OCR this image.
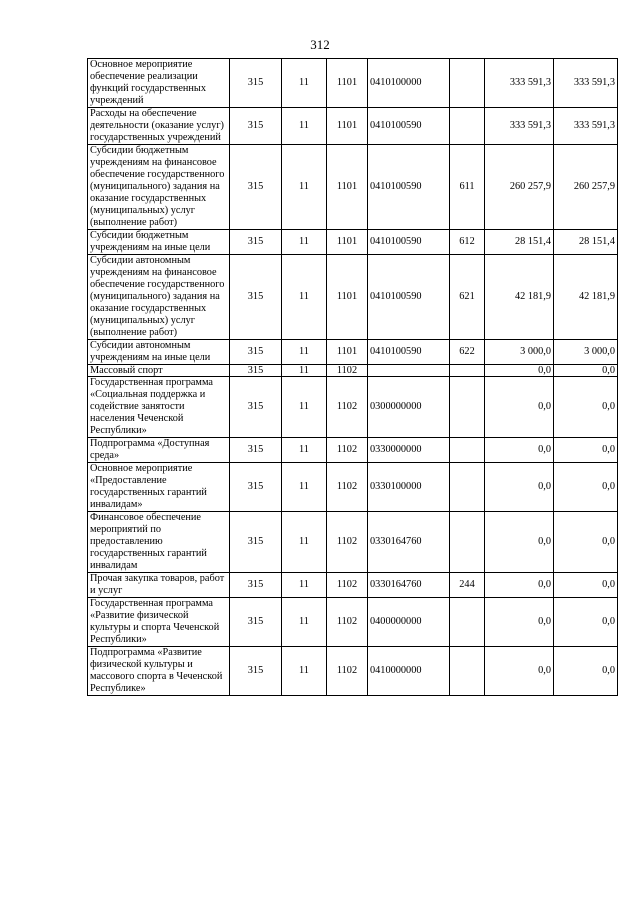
312
Основное мероприятие обеспечение реализации функций государственных учреждений	315	11	1101	0410100000		333 591,3	333 591,3
Расходы на обеспечение деятельности (оказание услуг) государственных учреждений	315	11	1101	0410100590		333 591,3	333 591,3
Субсидии бюджетным учреждениям на финансовое обеспечение государственного (муниципального) задания на оказание государственных (муниципальных) услуг (выполнение работ)	315	11	1101	0410100590	611	260 257,9	260 257,9
Субсидии бюджетным учреждениям на иные цели	315	11	1101	0410100590	612	28 151,4	28 151,4
Субсидии автономным учреждениям на финансовое обеспечение государственного (муниципального) задания на оказание государственных (муниципальных) услуг (выполнение работ)	315	11	1101	0410100590	621	42 181,9	42 181,9
Субсидии автономным учреждениям на иные цели	315	11	1101	0410100590	622	3 000,0	3 000,0
Массовый спорт	315	11	1102			0,0	0,0
Государственная программа «Социальная поддержка и содействие занятости населения Чеченской Республики»	315	11	1102	0300000000		0,0	0,0
Подпрограмма «Доступная среда»	315	11	1102	0330000000		0,0	0,0
Основное мероприятие «Предоставление государственных гарантий инвалидам»	315	11	1102	0330100000		0,0	0,0
Финансовое обеспечение мероприятий по предоставлению государственных гарантий инвалидам	315	11	1102	0330164760		0,0	0,0
Прочая закупка товаров, работ и услуг	315	11	1102	0330164760	244	0,0	0,0
Государственная программа «Развитие физической культуры и спорта Чеченской Республики»	315	11	1102	0400000000		0,0	0,0
Подпрограмма «Развитие физической культуры и массового спорта в Чеченской Республике»	315	11	1102	0410000000		0,0	0,0
